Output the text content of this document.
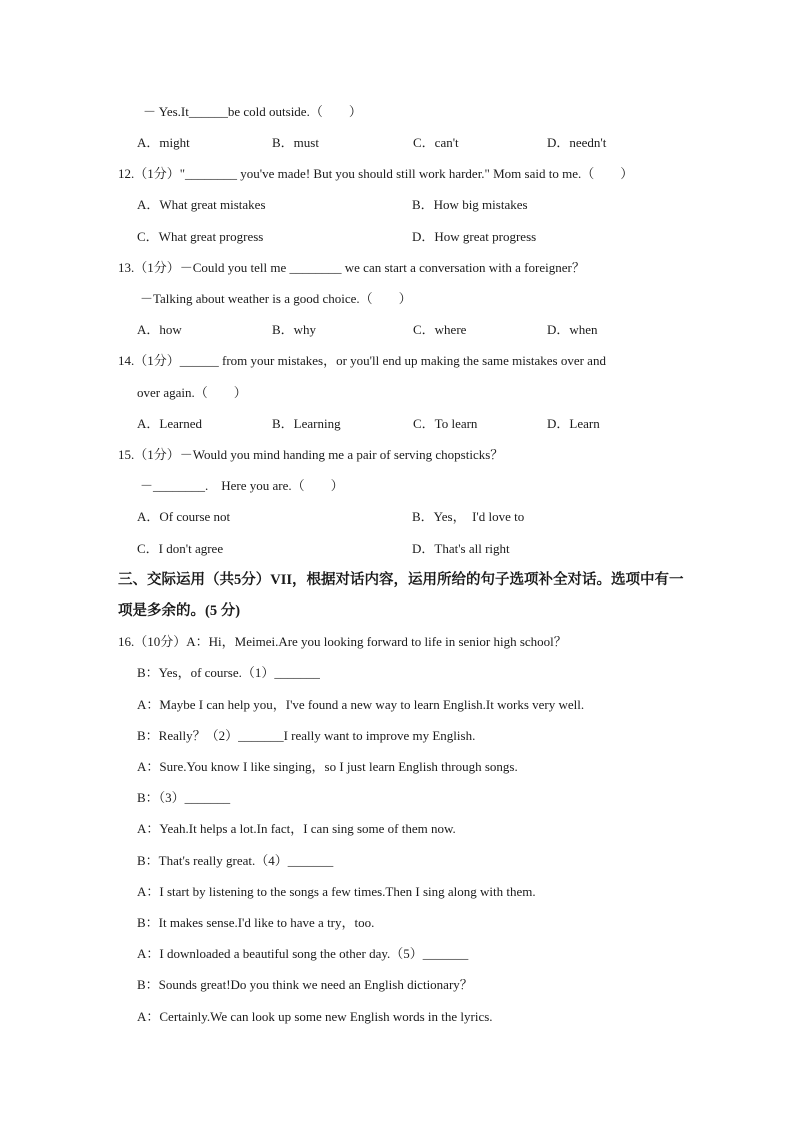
－ Yes.It______be cold outside.（　　）
A．might	B．must	C．can't	D．needn't
12.（1分）"________ you've made! But you should still work harder." Mom said to me.（　　）
A．What great mistakes	B．How big mistakes
C．What great progress	D．How great progress
13.（1分）－Could you tell me ________ we can start a conversation with a foreigner？
－Talking about weather is a good choice.（　　）
A．how	B．why	C．where	D．when
14.（1分）______ from your mistakes，or you'll end up making the same mistakes over and
over again.（　　）
A．Learned	B．Learning	C．To learn	D．Learn
15.（1分）－Would you mind handing me a pair of serving chopsticks？
－________.　Here you are.（　　）
A．Of course not	B．Yes，　I'd love to
C．I don't agree	D．That's all right
三、交际运用（共5分）VII，根据对话内容，运用所给的句子选项补全对话。选项中有一
项是多余的。(5 分)
16.（10分）A：Hi，Meimei.Are you looking forward to life in senior high school？
B：Yes，of course.（1）_______
A：Maybe I can help you，I've found a new way to learn English.It works very well.
B：Really？（2）_______I really want to improve my English.
A：Sure.You know I like singing，so I just learn English through songs.
B：（3）_______
A：Yeah.It helps a lot.In fact，I can sing some of them now.
B：That's really great.（4）_______
A：I start by listening to the songs a few times.Then I sing along with them.
B：It makes sense.I'd like to have a try，too.
A：I downloaded a beautiful song the other day.（5）_______
B：Sounds great!Do you think we need an English dictionary？
A：Certainly.We can look up some new English words in the lyrics.
